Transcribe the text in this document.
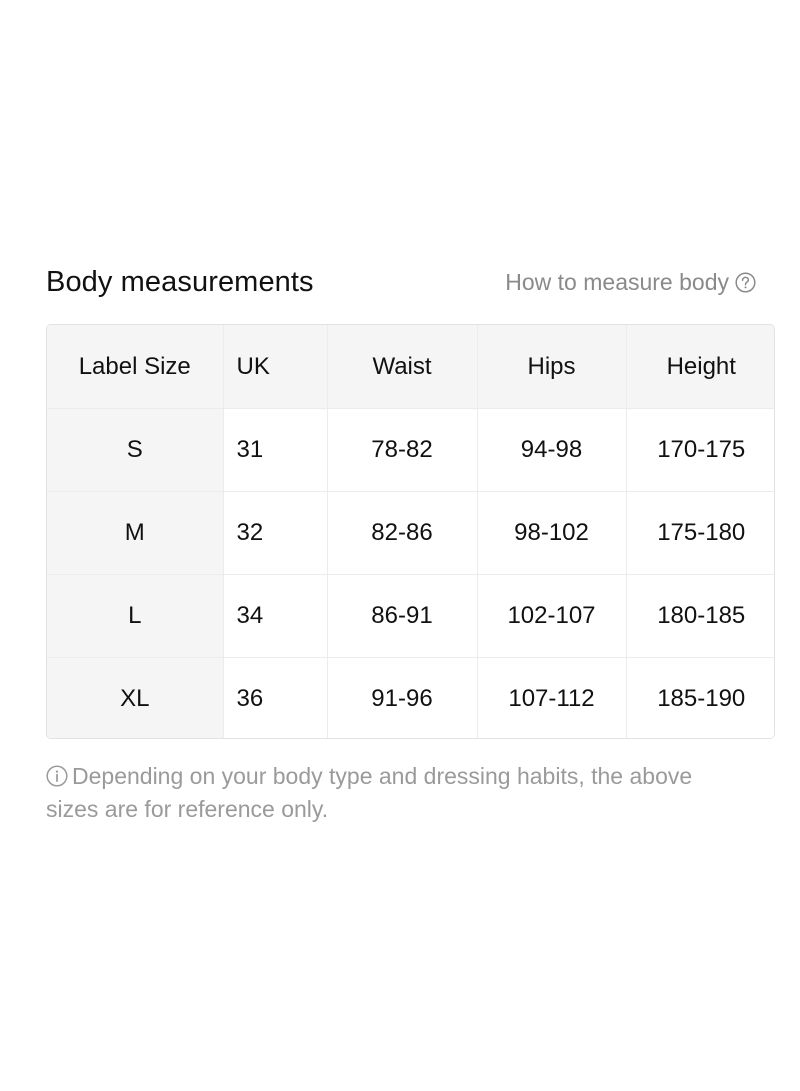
Body measurements	How to measure body
Label Size	UK	Waist	Hips	Height
S	31	78-82	94-98	170-175
M	32	82-86	98-102	175-180
L	34	86-91	102-107	180-185
XL	36	91-96	107-112	185-190
Depending on your body type and dressing habits, the above sizes are for reference only.
